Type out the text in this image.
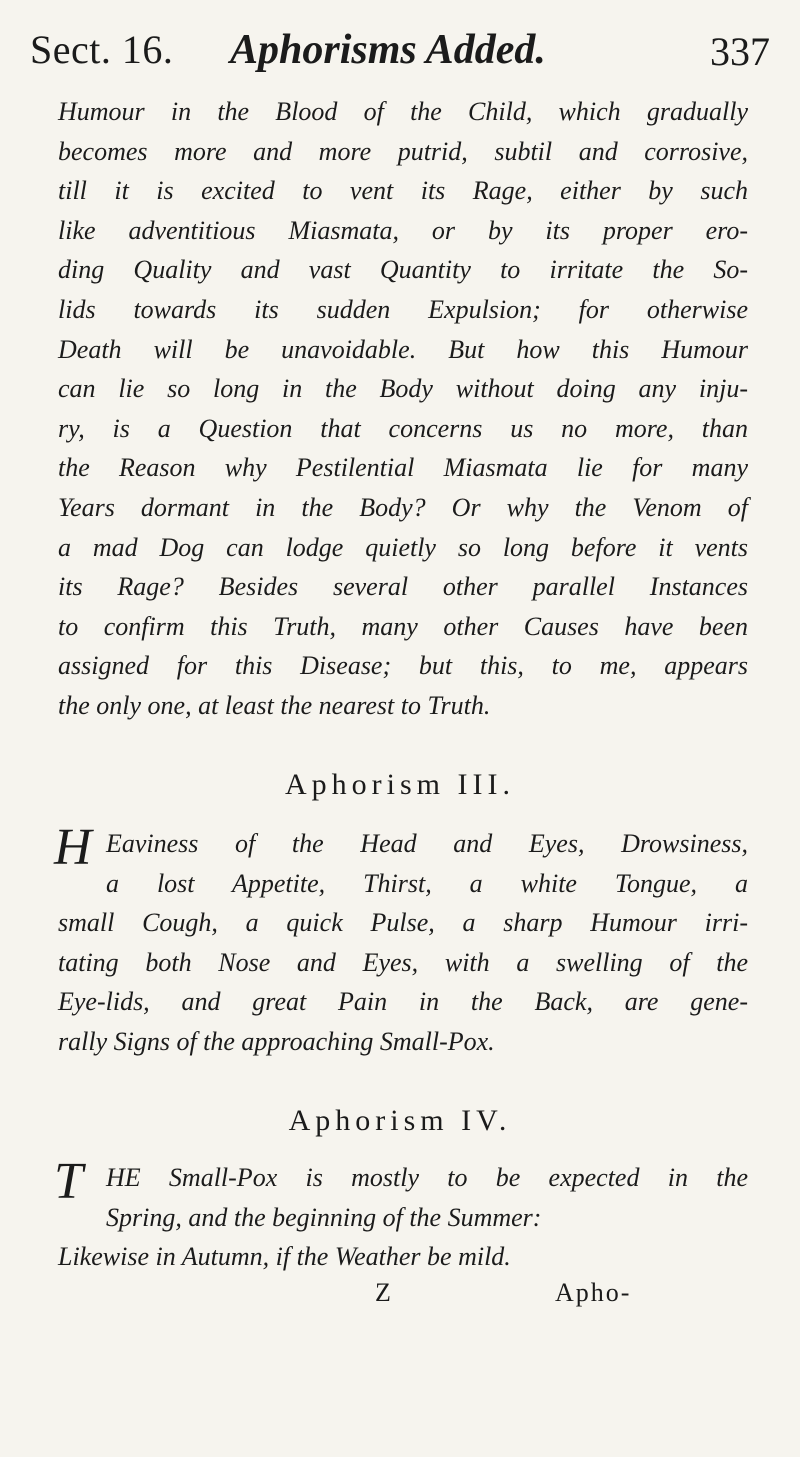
Sect. 16. Aphorisms Added.	337
Humour in the Blood of the Child, which gradually
becomes more and more putrid, subtil and corrosive,
till it is excited to vent its Rage, either by such
like adventitious Miasmata, or by its proper ero-
ding Quality and vast Quantity to irritate the So-
lids towards its sudden Expulsion; for otherwise
Death will be unavoidable. But how this Humour
can lie so long in the Body without doing any inju-
ry, is a Question that concerns us no more, than
the Reason why Pestilential Miasmata lie for many
Years dormant in the Body? Or why the Venom of
a mad Dog can lodge quietly so long before it vents
its Rage? Besides several other parallel Instances
to confirm this Truth, many other Causes have been
assigned for this Disease; but this, to me, appears
the only one, at least the nearest to Truth.
Aphorism III.
H Eaviness of the Head and Eyes, Drowsiness,
a lost Appetite, Thirst, a white Tongue, a
small Cough, a quick Pulse, a sharp Humour irri-
tating both Nose and Eyes, with a swelling of the
Eye-lids, and great Pain in the Back, are gene-
rally Signs of the approaching Small-Pox.
Aphorism IV.
T HE Small-Pox is mostly to be expected in the
Spring, and the beginning of the Summer:
Likewise in Autumn, if the Weather be mild.
Z	Apho-
